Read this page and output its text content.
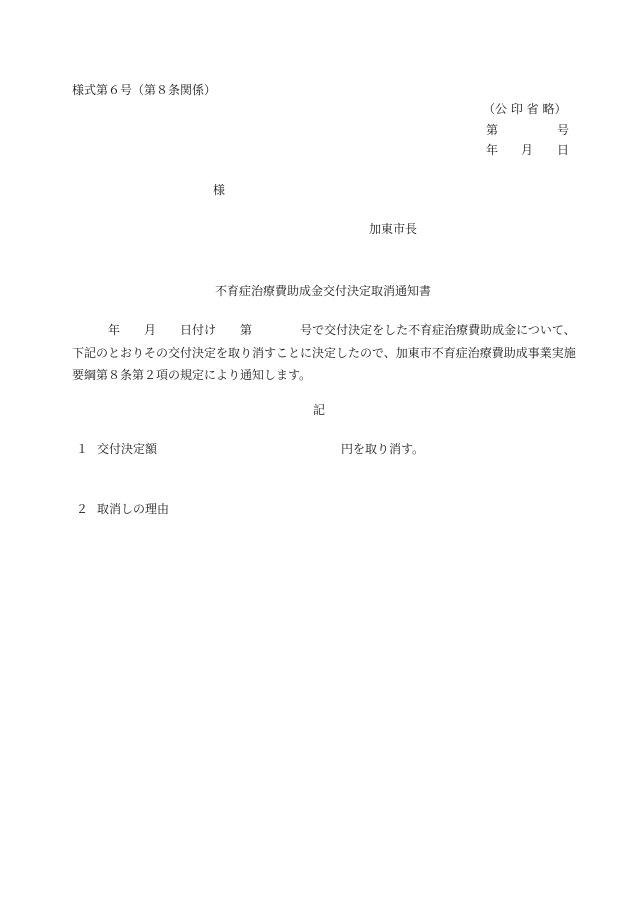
様式第６号（第８条関係）
（公 印 省 略）
第	号
年 月 日
様
加東市長
不育症治療費助成金交付決定取消通知書
年 月 日付け 第	号で交付決定をした不育症治療費助成金について、
下記のとおりその交付決定を取り消すことに決定したので、加東市不育症治療費助成事業実施
要綱第８条第２項の規定により通知します。
記
１ 交付決定額	円を取り消す。
２ 取消しの理由
